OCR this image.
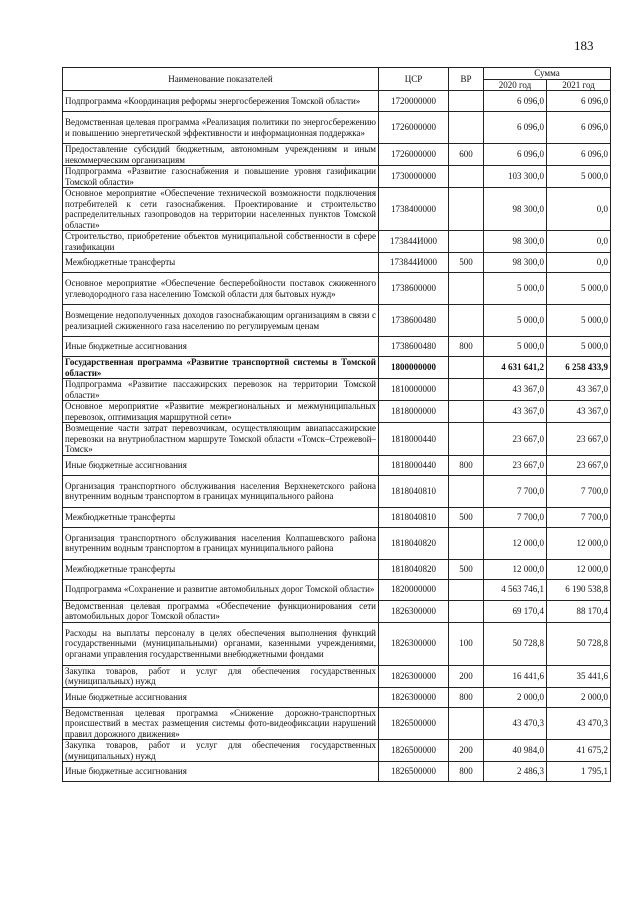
183
Наименование показателей	ЦСР	ВР	Сумма	
			2020 год	2021 год
Подпрограмма «Координация реформы энергосбережения Томской области»	1720000000		6 096,0	6 096,0
Ведомственная целевая программа «Реализация политики по энергосбережению и повышению энергетической эффективности и информационная поддержка»	1726000000		6 096,0	6 096,0
Предоставление субсидий бюджетным, автономным учреждениям и иным некоммерческим организациям	1726000000	600	6 096,0	6 096,0
Подпрограмма «Развитие газоснабжения и повышение уровня газификации Томской области»	1730000000		103 300,0	5 000,0
Основное мероприятие «Обеспечение технической возможности подключения потребителей к сети газоснабжения. Проектирование и строительство распределительных газопроводов на территории населенных пунктов Томской области»	1738400000		98 300,0	0,0
Строительство, приобретение объектов муниципальной собственности в сфере газификации	173844И000		98 300,0	0,0
Межбюджетные трансферты	173844И000	500	98 300,0	0,0
Основное мероприятие «Обеспечение бесперебойности поставок сжиженного углеводородного газа населению Томской области для бытовых нужд»	1738600000		5 000,0	5 000,0
Возмещение недополученных доходов газоснабжающим организациям в связи с реализацией сжиженного газа населению по регулируемым ценам	1738600480		5 000,0	5 000,0
Иные бюджетные ассигнования	1738600480	800	5 000,0	5 000,0
Государственная программа «Развитие транспортной системы в Томской области»	1800000000		4 631 641,2	6 258 433,9
Подпрограмма «Развитие пассажирских перевозок на территории Томской области»	1810000000		43 367,0	43 367,0
Основное мероприятие «Развитие межрегиональных и межмуниципальных перевозок, оптимизация маршрутной сети»	1818000000		43 367,0	43 367,0
Возмещение части затрат перевозчикам, осуществляющим авиапассажирские перевозки на внутриобластном маршруте Томской области «Томск–Стрежевой–Томск»	1818000440		23 667,0	23 667,0
Иные бюджетные ассигнования	1818000440	800	23 667,0	23 667,0
Организация транспортного обслуживания населения Верхнекетского района внутренним водным транспортом в границах муниципального района	1818040810		7 700,0	7 700,0
Межбюджетные трансферты	1818040810	500	7 700,0	7 700,0
Организация транспортного обслуживания населения Колпашевского района внутренним водным транспортом в границах муниципального района	1818040820		12 000,0	12 000,0
Межбюджетные трансферты	1818040820	500	12 000,0	12 000,0
Подпрограмма «Сохранение и развитие автомобильных дорог Томской области»	1820000000		4 563 746,1	6 190 538,8
Ведомственная целевая программа «Обеспечение функционирования сети автомобильных дорог Томской области»	1826300000		69 170,4	88 170,4
Расходы на выплаты персоналу в целях обеспечения выполнения функций государственными (муниципальными) органами, казенными учреждениями, органами управления государственными внебюджетными фондами	1826300000	100	50 728,8	50 728,8
Закупка товаров, работ и услуг для обеспечения государственных (муниципальных) нужд	1826300000	200	16 441,6	35 441,6
Иные бюджетные ассигнования	1826300000	800	2 000,0	2 000,0
Ведомственная целевая программа «Снижение дорожно-транспортных происшествий в местах размещения системы фото-видеофиксации нарушений правил дорожного движения»	1826500000		43 470,3	43 470,3
Закупка товаров, работ и услуг для обеспечения государственных (муниципальных) нужд	1826500000	200	40 984,0	41 675,2
Иные бюджетные ассигнования	1826500000	800	2 486,3	1 795,1
